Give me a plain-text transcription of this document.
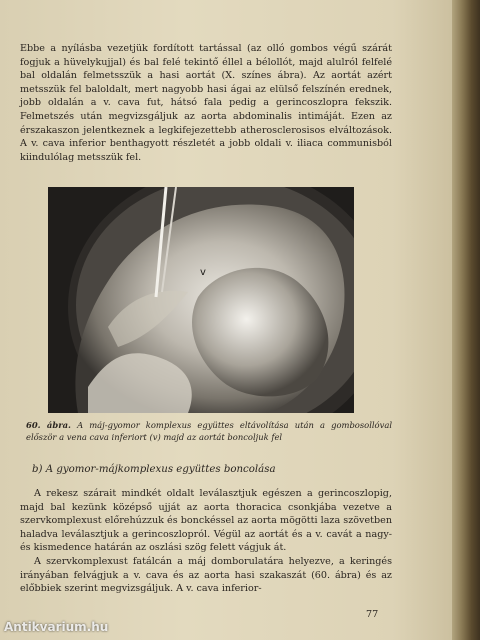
Ebbe a nyílásba vezetjük fordított tartással (az olló gombos végű szárát fogjuk a hüvelykujjal) és bal felé tekintő éllel a bélollót, majd alulról felfelé bal oldalán felmetsszük a hasi aortát (X. színes ábra). Az aortát azért metsszük fel baloldalt, mert nagyobb hasi ágai az elülső felszínén erednek, jobb oldalán a v. cava fut, hátsó fala pedig a gerincoszlopra fekszik. Felmetszés után megvizsgáljuk az aorta abdominalis intimáját. Ezen az érszakaszon jelentkeznek a legkifejezettebb atherosclerosisos elváltozások. A v. cava inferior benthagyott részletét a jobb oldali v. iliaca communisból kiindulólag metsszük fel.

v
60. ábra. A máj-gyomor komplexus együttes eltávolítása után a gombosollóval először a vena cava inferiort (v) majd az aortát boncoljuk fel
b) A gyomor-májkomplexus együttes boncolása

A rekesz szárait mindkét oldalt leválasztjuk egészen a gerincoszlopig, majd bal kezünk középső ujját az aorta thoracica csonkjába vezetve a szervkomplexust előrehúzzuk és bonckéssel az aorta mögötti laza szövetben haladva leválasztjuk a gerincoszlopról. Végül az aortát és a v. cavát a nagy- és kismedence határán az oszlási szög felett vágjuk át.

A szervkomplexust fatálcán a máj domborulatára helyezve, a keringés irányában felvágjuk a v. cava és az aorta hasi szakaszát (60. ábra) és az előbbiek szerint megvizsgáljuk. A v. cava inferior-

77
Antikvarium.hu
